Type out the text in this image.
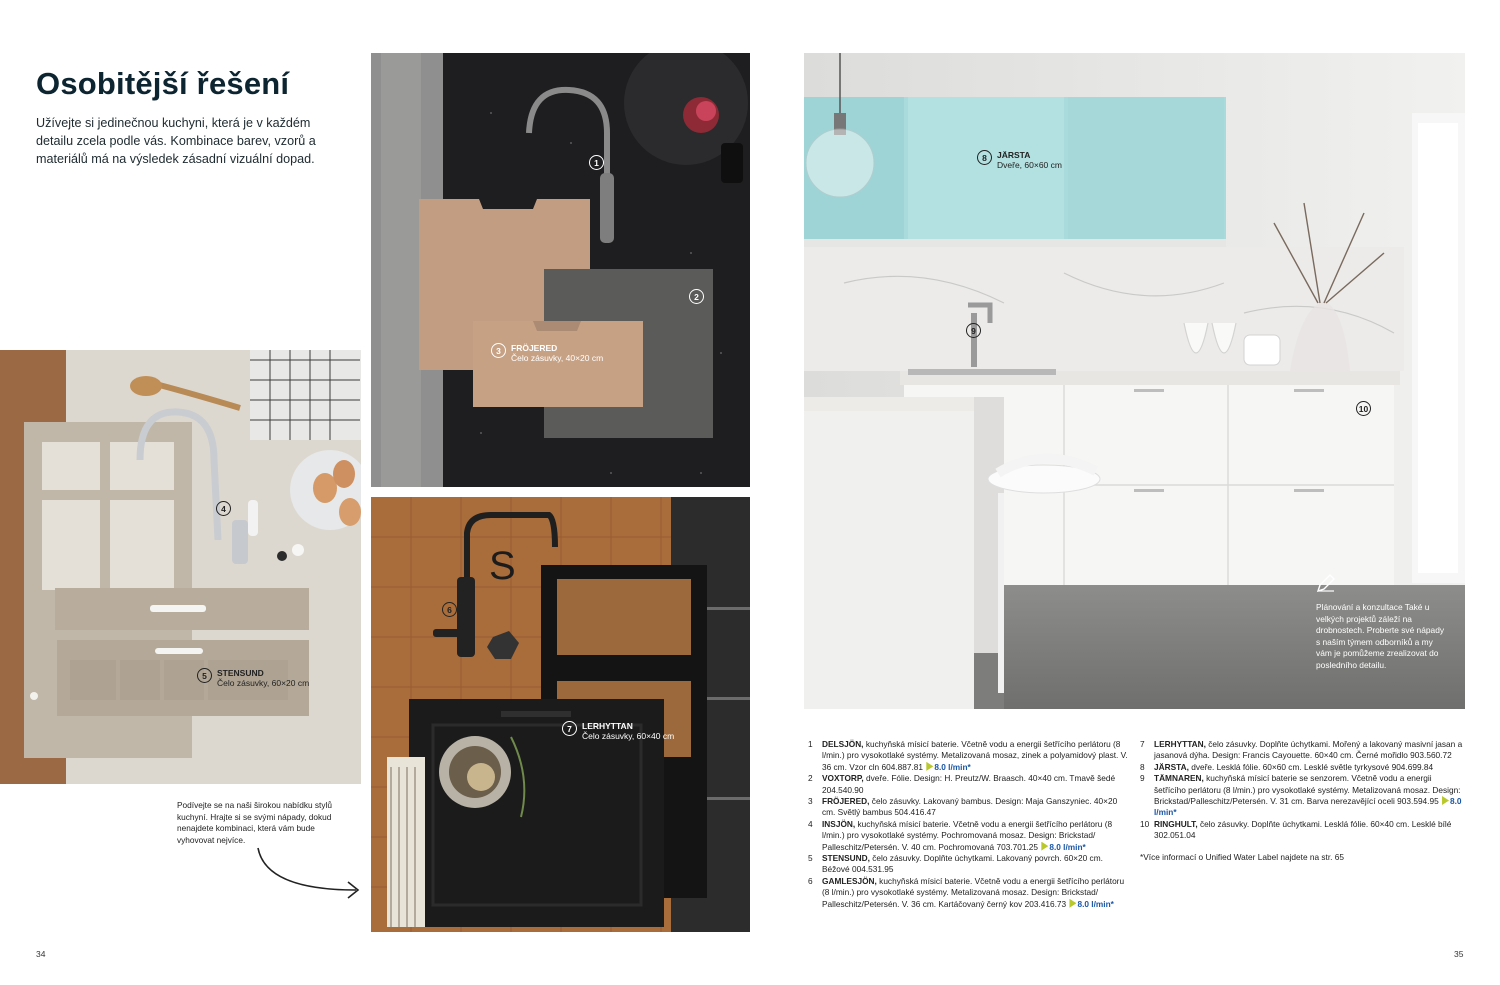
Osobitější řešení

Užívejte si jedinečnou kuchyni, která je v každém detailu zcela podle vás. Kombinace barev, vzorů a materiálů má na výsledek zásadní vizuální dopad.

4
5	STENSUND
Čelo zásuvky, 60×20 cm
1
2
3	FRÖJERED
Čelo zásuvky, 40×20 cm
S
6
7	LERHYTTAN
Čelo zásuvky, 60×40 cm

Podívejte se na naši širokou nabídku stylů kuchyní. Hrajte si se svými nápady, dokud nenajdete kombinaci, která vám bude vyhovovat nejvíce.

34
8	JÄRSTA
Dveře, 60×60 cm
9
10

Plánování a konzultace Také u velkých projektů záleží na drobnostech. Proberte své nápady s naším týmem odborníků a my vám je pomůžeme zrealizovat do posledního detailu.

1	DELSJÖN, kuchyňská mísicí baterie. Včetně vodu a energii šetřícího perlátoru (8 l/min.) pro vysokotlaké systémy. Metalizovaná mosaz, zinek a polyamidový plast. V. 36 cm. Vzor cln 604.887.81 8.0 l/min*
2	VOXTORP, dveře. Fólie. Design: H. Preutz/W. Braasch. 40×40 cm. Tmavě šedé 204.540.90
3	FRÖJERED, čelo zásuvky. Lakovaný bambus. Design: Maja Ganszyniec. 40×20 cm. Světlý bambus 504.416.47
4	INSJÖN, kuchyňská mísicí baterie. Včetně vodu a energii šetřícího perlátoru (8 l/min.) pro vysokotlaké systémy. Pochromovaná mosaz. Design: Brickstad/ Palleschitz/Petersén. V. 40 cm. Pochromovaná 703.701.25 8.0 l/min*
5	STENSUND, čelo zásuvky. Doplňte úchytkami. Lakovaný povrch. 60×20 cm. Béžové 004.531.95
6	GAMLESJÖN, kuchyňská mísicí baterie. Včetně vodu a energii šetřícího perlátoru (8 l/min.) pro vysokotlaké systémy. Metalizovaná mosaz. Design: Brickstad/ Palleschitz/Petersén. V. 36 cm. Kartáčovaný černý kov 203.416.73 8.0 l/min*
7	LERHYTTAN, čelo zásuvky. Doplňte úchytkami. Mořený a lakovaný masivní jasan a jasanová dýha. Design: Francis Cayouette. 60×40 cm. Černé mořidlo 903.560.72
8	JÄRSTA, dveře. Lesklá fólie. 60×60 cm. Lesklé světle tyrkysové 904.699.84
9	TÄMNAREN, kuchyňská mísicí baterie se senzorem. Včetně vodu a energii šetřícího perlátoru (8 l/min.) pro vysokotlaké systémy. Metalizovaná mosaz. Design: Brickstad/Palleschitz/Petersén. V. 31 cm. Barva nerezavějící oceli 903.594.95 8.0 l/min*
10 RINGHULT, čelo zásuvky. Doplňte úchytkami. Lesklá fólie. 60×40 cm. Lesklé bílé 302.051.04

*Více informací o Unified Water Label najdete na str. 65

35
